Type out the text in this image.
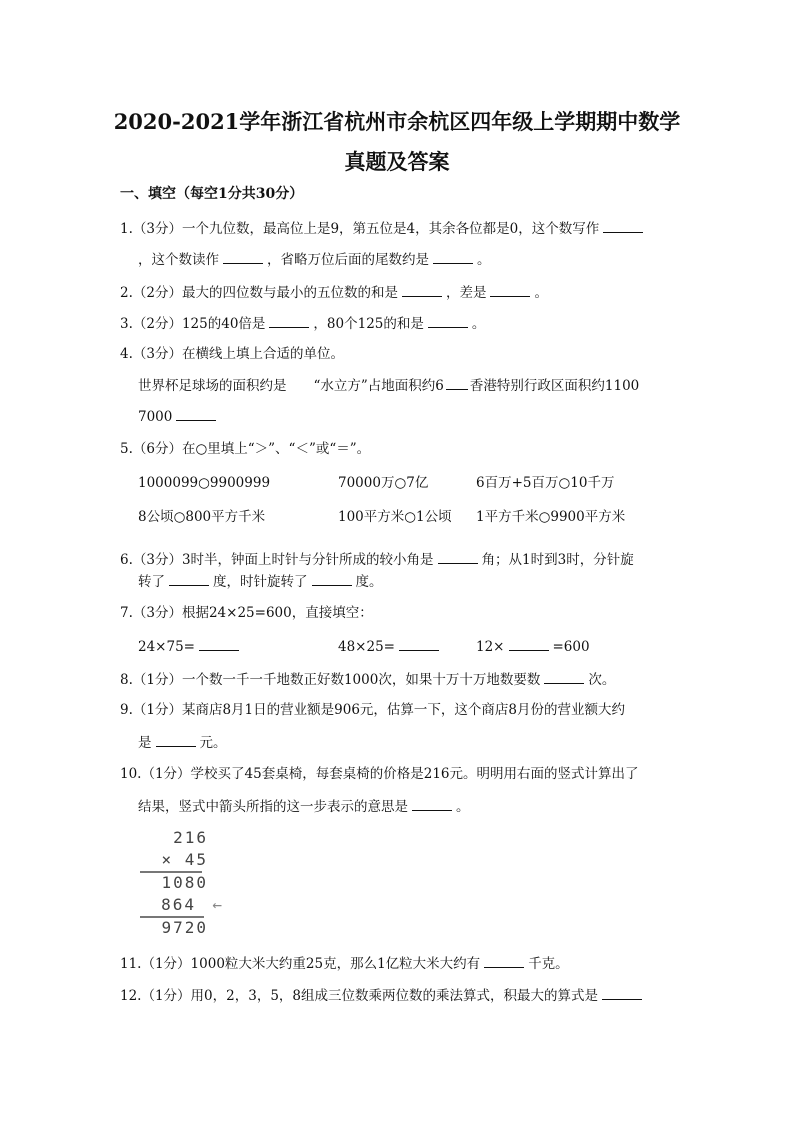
2020-2021学年浙江省杭州市余杭区四年级上学期期中数学
真题及答案
一、填空（每空1分共30分）
1.（3分）一个九位数，最高位上是9，第五位是4，其余各位都是0，这个数写作
，这个数读作	，省略万位后面的尾数约是	。
2.（2分）最大的四位数与最小的五位数的和是	，差是	。
3.（2分）125的40倍是	，80个125的和是	。
4.（3分）在横线上填上合适的单位。
世界杯足球场的面积约是　　“水立方”占地面积约6 香港特别行政区面积约1100
7000
5.（6分）在○里填上“＞”、“＜”或“＝”。
6.（3分）3时半，钟面上时针与分针所成的较小角是	角；从1时到3时，分针旋
转了	度，时针旋转了	度。
7.（3分）根据24×25=600，直接填空：
8.（1分）一个数一千一千地数正好数1000次，如果十万十万地数要数	次。
9.（1分）某商店8月1日的营业额是906元，估算一下，这个商店8月份的营业额大约
是	元。
10.（1分）学校买了45套桌椅，每套桌椅的价格是216元。明明用右面的竖式计算出了
结果，竖式中箭头所指的这一步表示的意思是	。
11.（1分）1000粒大米大约重25克，那么1亿粒大米大约有	千克。
12.（1分）用0，2，3，5，8组成三位数乘两位数的乘法算式，积最大的算式是
1000099○9900999	70000万○7亿	6百万+5百万○10千万
8公顷○800平方千米	100平方米○1公顷 1平方千米○9900平方米
24×75=	48×25=	12×	=600
216
× 45
1080
864 ←
9720
